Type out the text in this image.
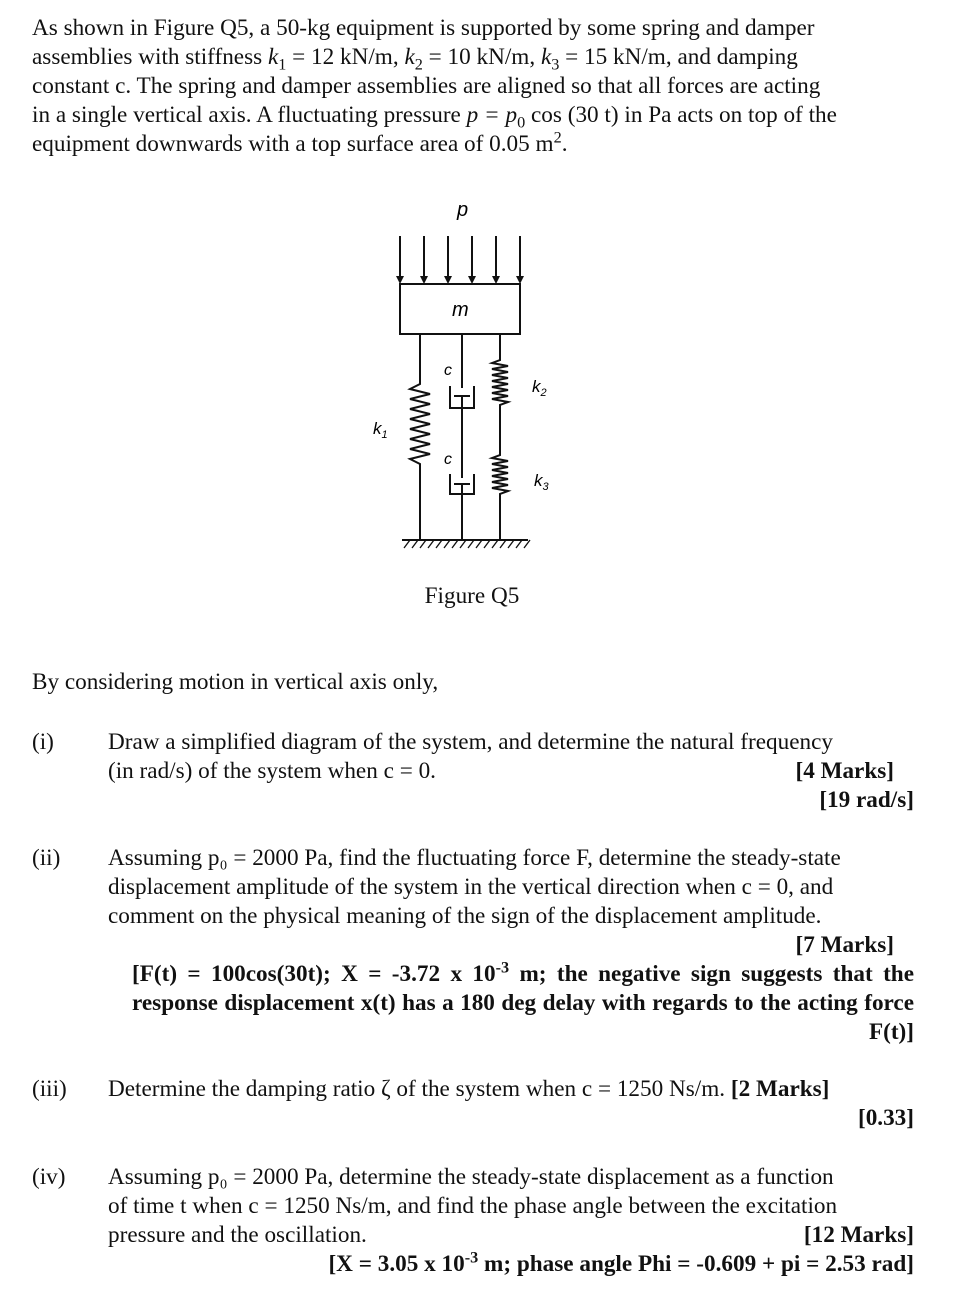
As shown in Figure Q5, a 50-kg equipment is supported by some spring and damper
assemblies with stiffness $k_1 = 12$ kN/m, $k_2 = 10$ kN/m, $k_3 = 15$ kN/m, and damping
constant c. The spring and damper assemblies are aligned so that all forces are acting
in a single vertical axis. A fluctuating pressure $p = p_0$ cos (30 t) in Pa acts on top of the
equipment downwards with a top surface area of 0.05 $m^2$.
p
m
c
c
$k_1$
$k_2$
$k_3$
Figure Q5
By considering motion in vertical axis only,
(i) Draw a simplified diagram of the system, and determine the natural frequency
(in rad/s) of the system when c = 0.	[4 Marks]
[19 rad/s]
(ii) Assuming p₀ = 2000 Pa, find the fluctuating force F, determine the steady-state
displacement amplitude of the system in the vertical direction when c = 0, and
comment on the physical meaning of the sign of the displacement amplitude.
[7 Marks]
[F(t) = 100cos(30t); X = -3.72 x $10^{-3}$ m; the negative sign suggests that the response displacement x(t) has a 180 deg delay with regards to the acting force F(t)]
(iii) Determine the damping ratio ζ of the system when c = 1250 Ns/m. [2 Marks]
[0.33]
(iv) Assuming p₀ = 2000 Pa, determine the steady-state displacement as a function
of time t when c = 1250 Ns/m, and find the phase angle between the excitation
pressure and the oscillation.	[12 Marks]
[X = 3.05 x $10^{-3}$ m; phase angle Phi = -0.609 + pi = 2.53 rad]
